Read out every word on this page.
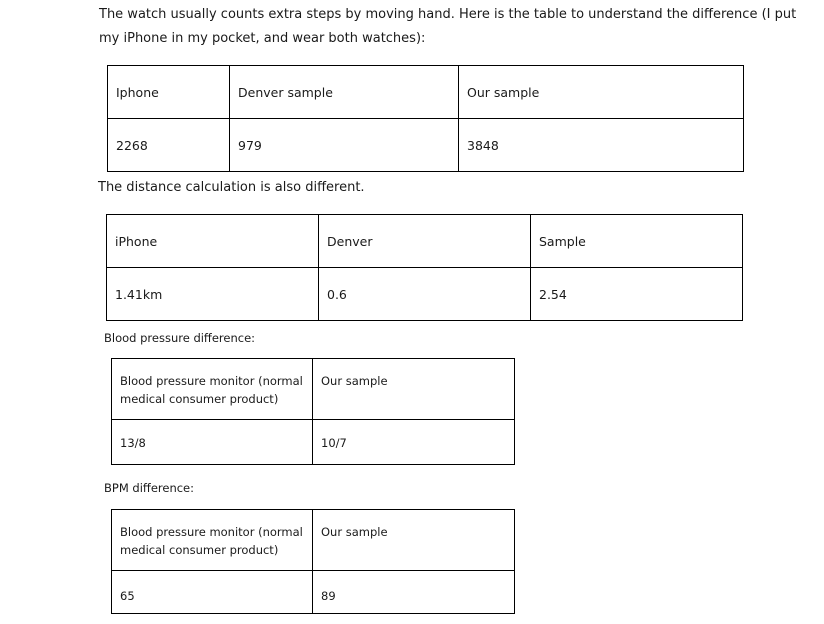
The watch usually counts extra steps by moving hand. Here is the table to understand the difference (I put my iPhone in my pocket, and wear both watches):
Iphone	Denver sample	Our sample

2268	979	3848
The distance calculation is also different.
iPhone	Denver	Sample

1.41km	0.6	2.54
Blood pressure difference:
Blood pressure monitor (normal medical consumer product)	Our sample

13/8	10/7
BPM difference:
Blood pressure monitor (normal medical consumer product)	Our sample

65	89
